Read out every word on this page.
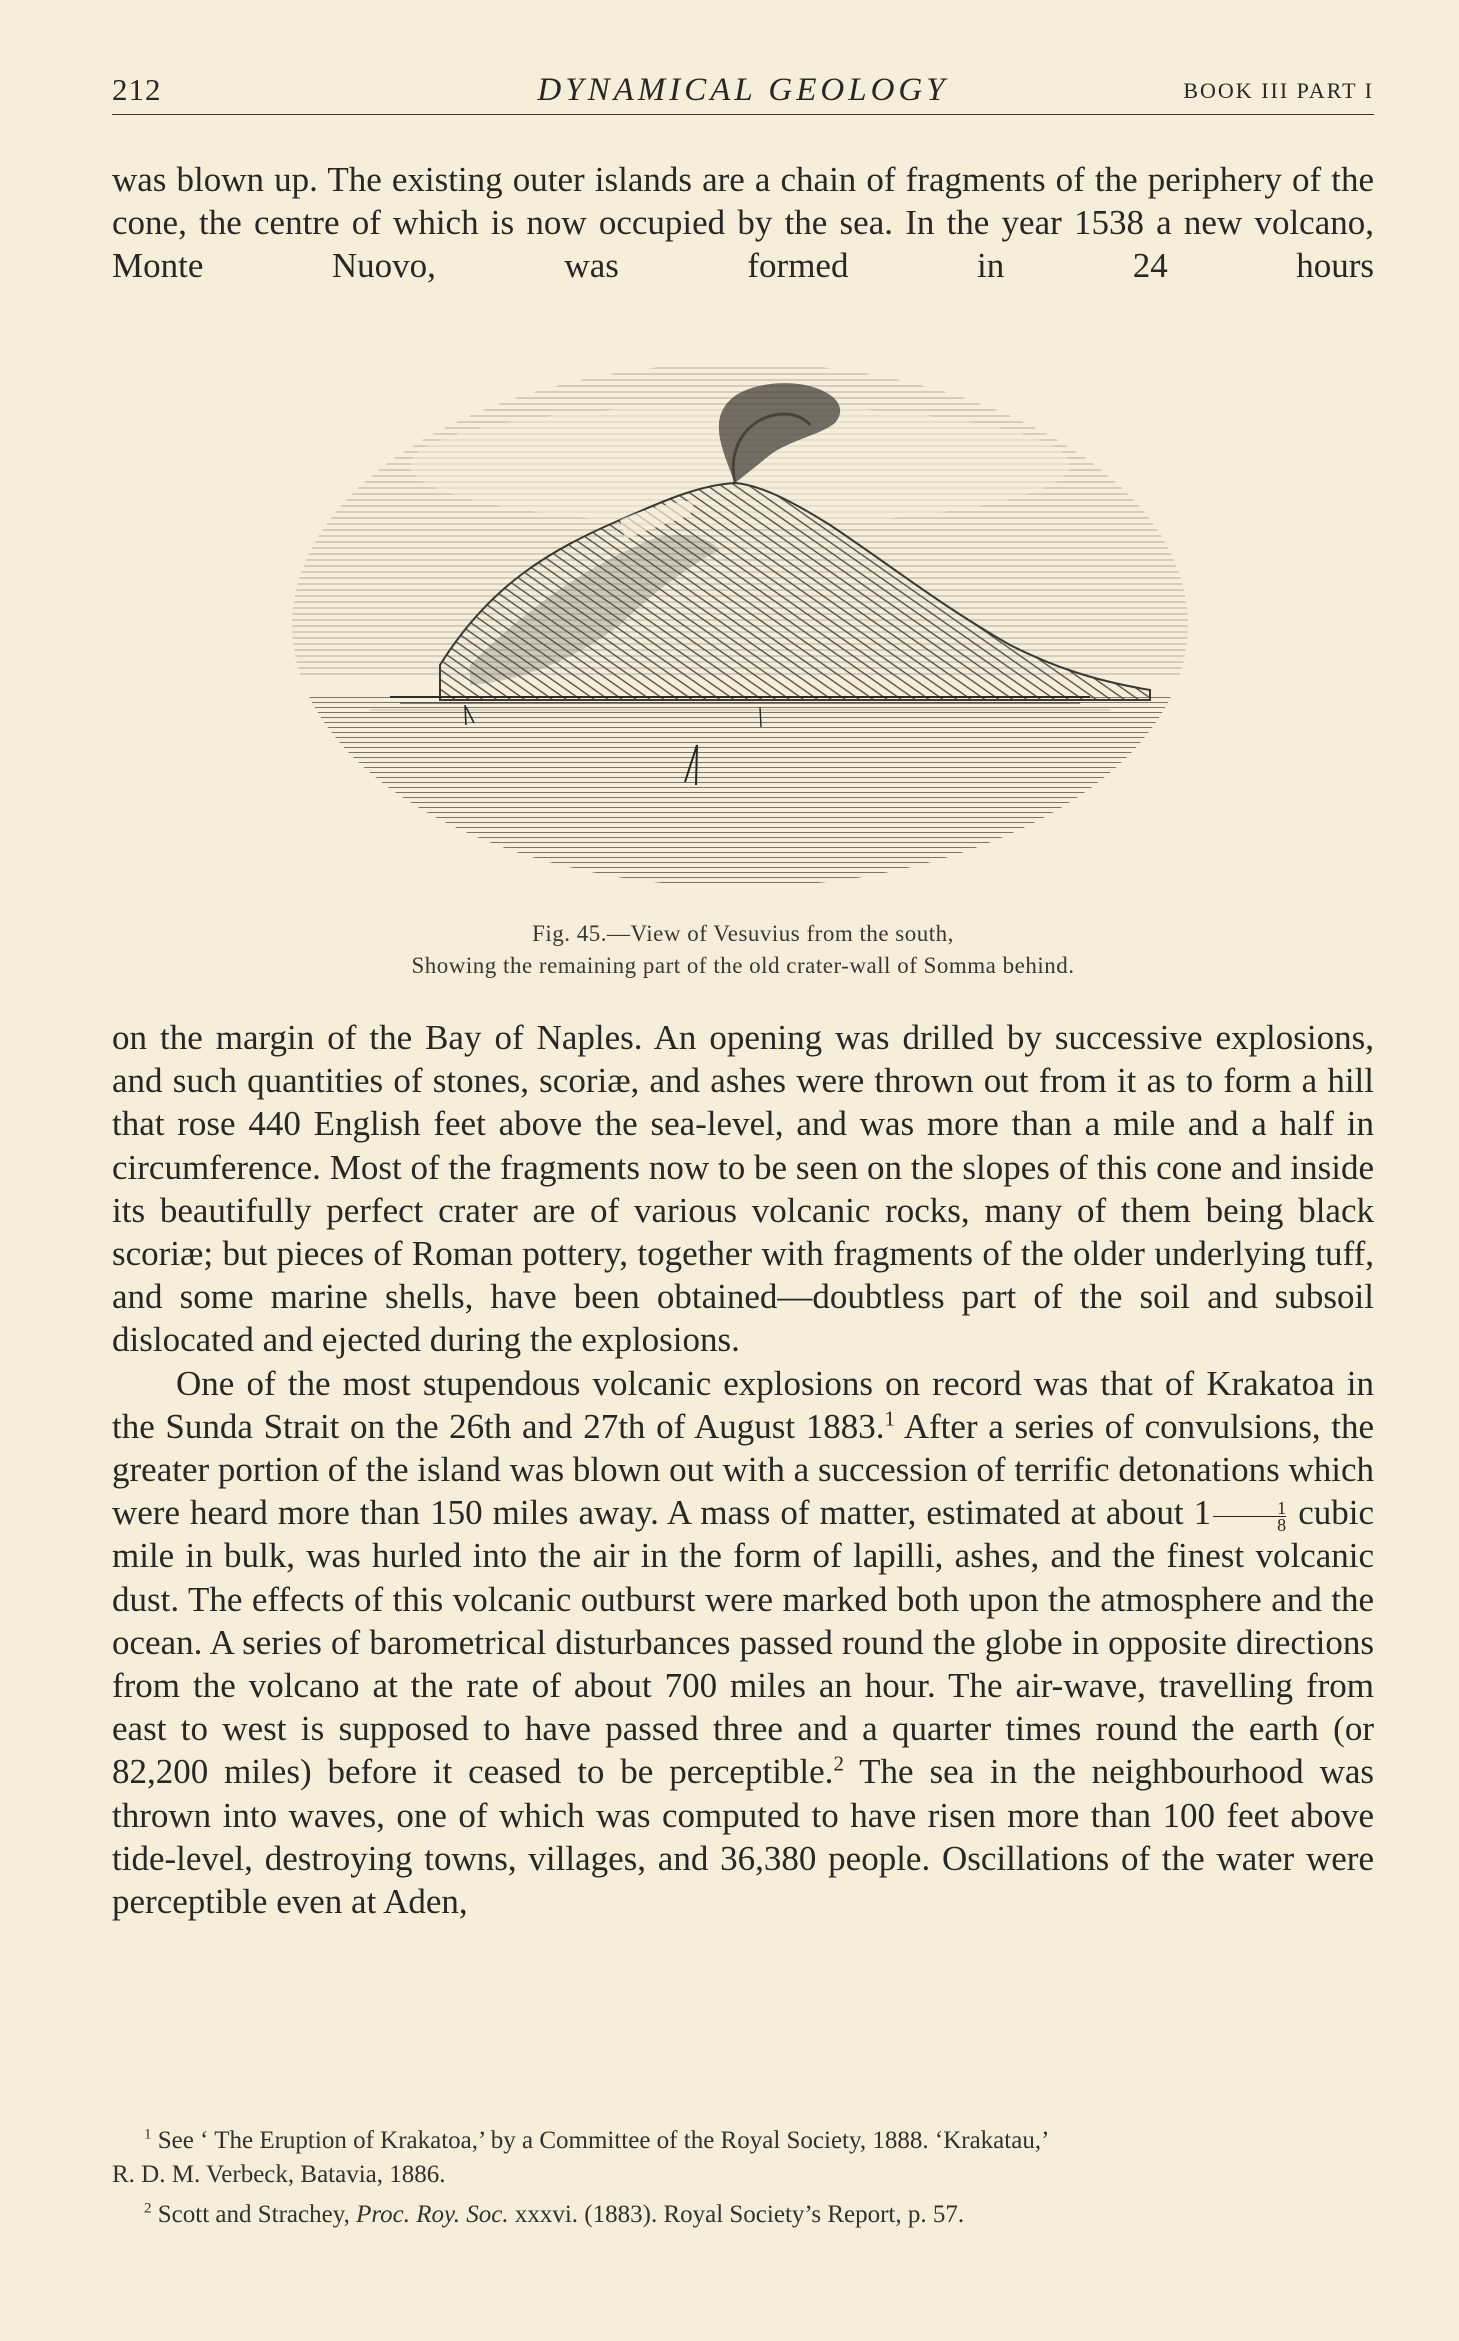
212	DYNAMICAL GEOLOGY	BOOK III PART I

was blown up. The existing outer islands are a chain of fragments of the periphery of the cone, the centre of which is now occupied by the sea. In the year 1538 a new volcano, Monte Nuovo, was formed in 24 hours

Fig. 45.—View of Vesuvius from the south,
Showing the remaining part of the old crater-wall of Somma behind.

on the margin of the Bay of Naples. An opening was drilled by successive explosions, and such quantities of stones, scoriæ, and ashes were thrown out from it as to form a hill that rose 440 English feet above the sea-level, and was more than a mile and a half in circumference. Most of the fragments now to be seen on the slopes of this cone and inside its beautifully perfect crater are of various volcanic rocks, many of them being black scoriæ; but pieces of Roman pottery, together with fragments of the older underlying tuff, and some marine shells, have been obtained—doubtless part of the soil and subsoil dislocated and ejected during the explosions.

One of the most stupendous volcanic explosions on record was that of Krakatoa in the Sunda Strait on the 26th and 27th of August 1883.$^1$ After a series of convulsions, the greater portion of the island was blown out with a succession of terrific detonations which were heard more than 150 miles away. A mass of matter, estimated at about $1 \frac{1}{8}$ cubic mile in bulk, was hurled into the air in the form of lapilli, ashes, and the finest volcanic dust. The effects of this volcanic outburst were marked both upon the atmosphere and the ocean. A series of barometrical disturbances passed round the globe in opposite directions from the volcano at the rate of about 700 miles an hour. The air-wave, travelling from east to west is supposed to have passed three and a quarter times round the earth (or 82,200 miles) before it ceased to be perceptible.$^2$ The sea in the neighbourhood was thrown into waves, one of which was computed to have risen more than 100 feet above tide-level, destroying towns, villages, and 36,380 people. Oscillations of the water were perceptible even at Aden,

$^1$ See ‘ The Eruption of Krakatoa,’ by a Committee of the Royal Society, 1888. ‘Krakatau,’
R. D. M. Verbeck, Batavia, 1886.

$^2$ Scott and Strachey, Proc. Roy. Soc. xxxvi. (1883). Royal Society’s Report, p. 57.
